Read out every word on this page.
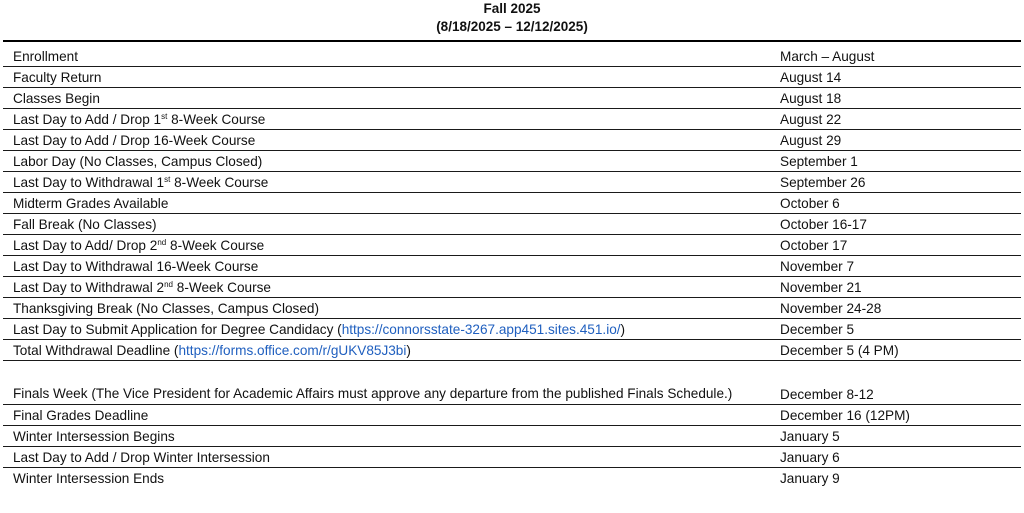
Fall 2025
(8/18/2025 – 12/12/2025)
Enrollment	March – August
Faculty Return	August 14
Classes Begin	August 18
Last Day to Add / Drop 1st 8-Week Course	August 22
Last Day to Add / Drop 16-Week Course	August 29
Labor Day (No Classes, Campus Closed)	September 1
Last Day to Withdrawal 1st 8-Week Course	September 26
Midterm Grades Available	October 6
Fall Break (No Classes)	October 16-17
Last Day to Add/ Drop 2nd 8-Week Course	October 17
Last Day to Withdrawal 16-Week Course	November 7
Last Day to Withdrawal 2nd 8-Week Course	November 21
Thanksgiving Break (No Classes, Campus Closed)	November 24-28
Last Day to Submit Application for Degree Candidacy (https://connorsstate-3267.app451.sites.451.io/)	December 5
Total Withdrawal Deadline (https://forms.office.com/r/gUKV85J3bi)	December 5 (4 PM)
Finals Week (The Vice President for Academic Affairs must approve any departure from the published Finals Schedule.)	December 8-12
Final Grades Deadline	December 16 (12PM)
Winter Intersession Begins	January 5
Last Day to Add / Drop Winter Intersession	January 6
Winter Intersession Ends	January 9
